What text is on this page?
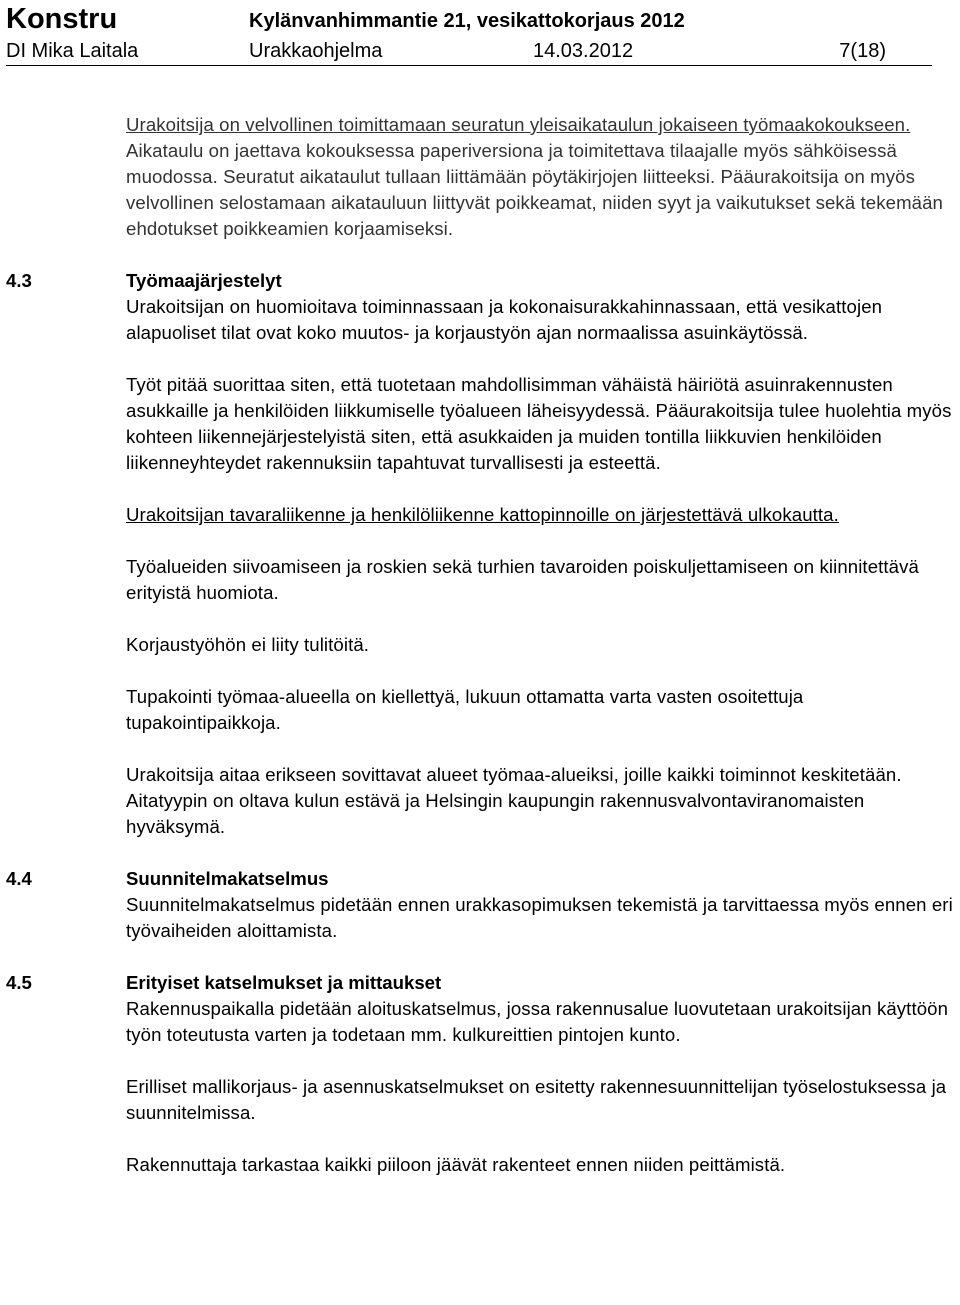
Konstru	Kylänvanhimmantie 21, vesikattokorjaus 2012
DI Mika Laitala	Urakkaohjelma	14.03.2012	7(18)

Urakoitsija on velvollinen toimittamaan seuratun yleisaikataulun jokaiseen työmaakokoukseen. Aikataulu on jaettava kokouksessa paperiversiona ja toimitettava tilaajalle myös sähköisessä muodossa. Seuratut aikataulut tullaan liittämään pöytäkirjojen liitteeksi. Pääurakoitsija on myös velvollinen selostamaan aikatauluun liittyvät poikkeamat, niiden syyt ja vaikutukset sekä tekemään ehdotukset poikkeamien korjaamiseksi.

4.3	Työmaajärjestelyt

Urakoitsijan on huomioitava toiminnassaan ja kokonaisurakkahinnassaan, että vesikattojen alapuoliset tilat ovat koko muutos- ja korjaustyön ajan normaalissa asuinkäytössä.

Työt pitää suorittaa siten, että tuotetaan mahdollisimman vähäistä häiriötä asuinrakennusten asukkaille ja henkilöiden liikkumiselle työalueen läheisyydessä. Pääurakoitsija tulee huolehtia myös kohteen liikennejärjestelyistä siten, että asukkaiden ja muiden tontilla liikkuvien henkilöiden liikenneyhteydet rakennuksiin tapahtuvat turvallisesti ja esteettä.

Urakoitsijan tavaraliikenne ja henkilöliikenne kattopinnoille on järjestettävä ulkokautta.

Työalueiden siivoamiseen ja roskien sekä turhien tavaroiden poiskuljettamiseen on kiinnitettävä erityistä huomiota.

Korjaustyöhön ei liity tulitöitä.

Tupakointi työmaa-alueella on kiellettyä, lukuun ottamatta varta vasten osoitettuja tupakointipaikkoja.

Urakoitsija aitaa erikseen sovittavat alueet työmaa-alueiksi, joille kaikki toiminnot keskitetään. Aitatyypin on oltava kulun estävä ja Helsingin kaupungin rakennusvalvontaviranomaisten hyväksymä.

4.4	Suunnitelmakatselmus

Suunnitelmakatselmus pidetään ennen urakkasopimuksen tekemistä ja tarvittaessa myös ennen eri työvaiheiden aloittamista.

4.5	Erityiset katselmukset ja mittaukset

Rakennuspaikalla pidetään aloituskatselmus, jossa rakennusalue luovutetaan urakoitsijan käyttöön työn toteutusta varten ja todetaan mm. kulkureittien pintojen kunto.

Erilliset mallikorjaus- ja asennuskatselmukset on esitetty rakennesuunnittelijan työselostuksessa ja suunnitelmissa.

Rakennuttaja tarkastaa kaikki piiloon jäävät rakenteet ennen niiden peittämistä.
